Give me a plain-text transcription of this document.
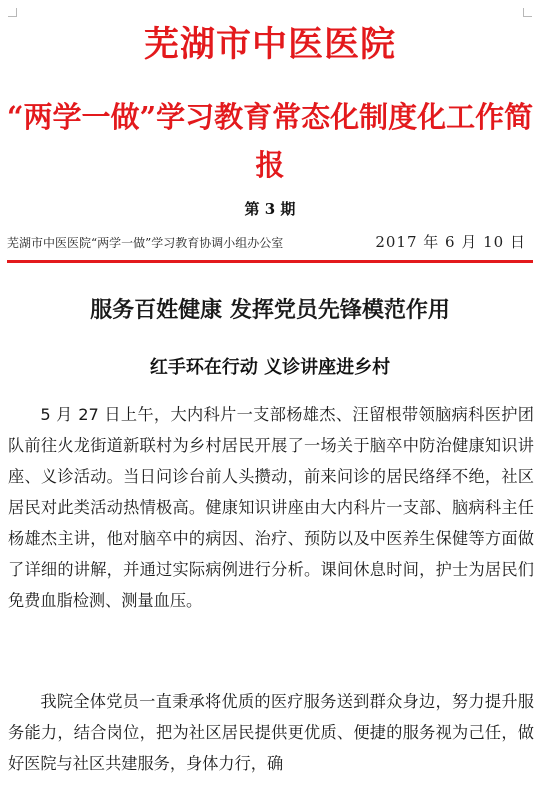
芜湖市中医医院
“两学一做”学习教育常态化制度化工作简报
第 3 期
芜湖市中医医院“两学一做”学习教育协调小组办公室	2017 年 6 月 10 日
服务百姓健康 发挥党员先锋模范作用
红手环在行动 义诊讲座进乡村

5 月 27 日上午，大内科片一支部杨雄杰、汪留根带领脑病科医护团队前往火龙街道新联村为乡村居民开展了一场关于脑卒中防治健康知识讲座、义诊活动。当日问诊台前人头攒动，前来问诊的居民络绎不绝，社区居民对此类活动热情极高。健康知识讲座由大内科片一支部、脑病科主任杨雄杰主讲，他对脑卒中的病因、治疗、预防以及中医养生保健等方面做了详细的讲解，并通过实际病例进行分析。课间休息时间，护士为居民们免费血脂检测、测量血压。

我院全体党员一直秉承将优质的医疗服务送到群众身边，努力提升服务能力，结合岗位，把为社区居民提供更优质、便捷的服务视为己任，做好医院与社区共建服务，身体力行，确
